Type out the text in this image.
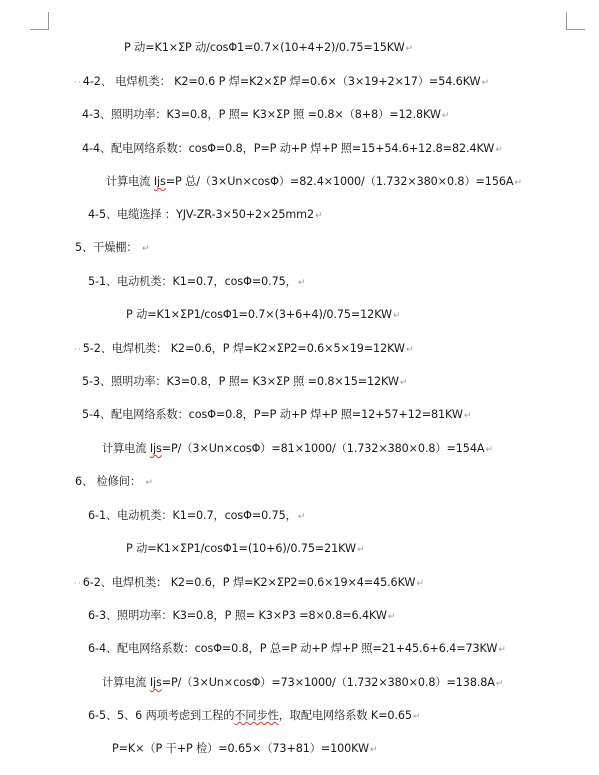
P 动=K1×ΣP 动/cosΦ1=0.7×(10+4+2)/0.75=15KW↵
··4-2、 电焊机类： K2=0.6 P 焊=K2×ΣP 焊=0.6×（3×19+2×17）=54.6KW↵
4-3、照明功率：K3=0.8，P 照= K3×ΣP 照 =0.8×（8+8）=12.8KW↵
4-4、配电网络系数：cosΦ=0.8，P=P 动+P 焊+P 照=15+54.6+12.8=82.4KW↵
计算电流 Ijs=P 总/（3×Un×cosΦ）=82.4×1000/（1.732×380×0.8）=156A↵
4-5、电缆选择 ：YJV-ZR-3×50+2×25mm2↵
5、干燥棚： ↵
5-1、电动机类：K1=0.7，cosΦ=0.75，↵
P 动=K1×ΣP1/cosΦ1=0.7×(3+6+4)/0.75=12KW↵
··5-2、电焊机类： K2=0.6，P 焊=K2×ΣP2=0.6×5×19=12KW↵
5-3、照明功率：K3=0.8，P 照= K3×ΣP 照 =0.8×15=12KW↵
5-4、配电网络系数：cosΦ=0.8，P=P 动+P 焊+P 照=12+57+12=81KW↵
计算电流 Ijs=P/（3×Un×cosΦ）=81×1000/（1.732×380×0.8）=154A↵
6、 检修间： ↵
6-1、电动机类：K1=0.7，cosΦ=0.75，↵
P 动=K1×ΣP1/cosΦ1=(10+6)/0.75=21KW↵
··6-2、电焊机类： K2=0.6，P 焊=K2×ΣP2=0.6×19×4=45.6KW↵
6-3、照明功率：K3=0.8，P 照= K3×P3 =8×0.8=6.4KW↵
6-4、配电网络系数：cosΦ=0.8，P 总=P 动+P 焊+P 照=21+45.6+6.4=73KW↵
计算电流 Ijs=P/（3×Un×cosΦ）=73×1000/（1.732×380×0.8）=138.8A↵
6-5、5、6 两项考虑到工程的不同步性，取配电网络系数 K=0.65↵
P=K×（P 干+P 检）=0.65×（73+81）=100KW↵
